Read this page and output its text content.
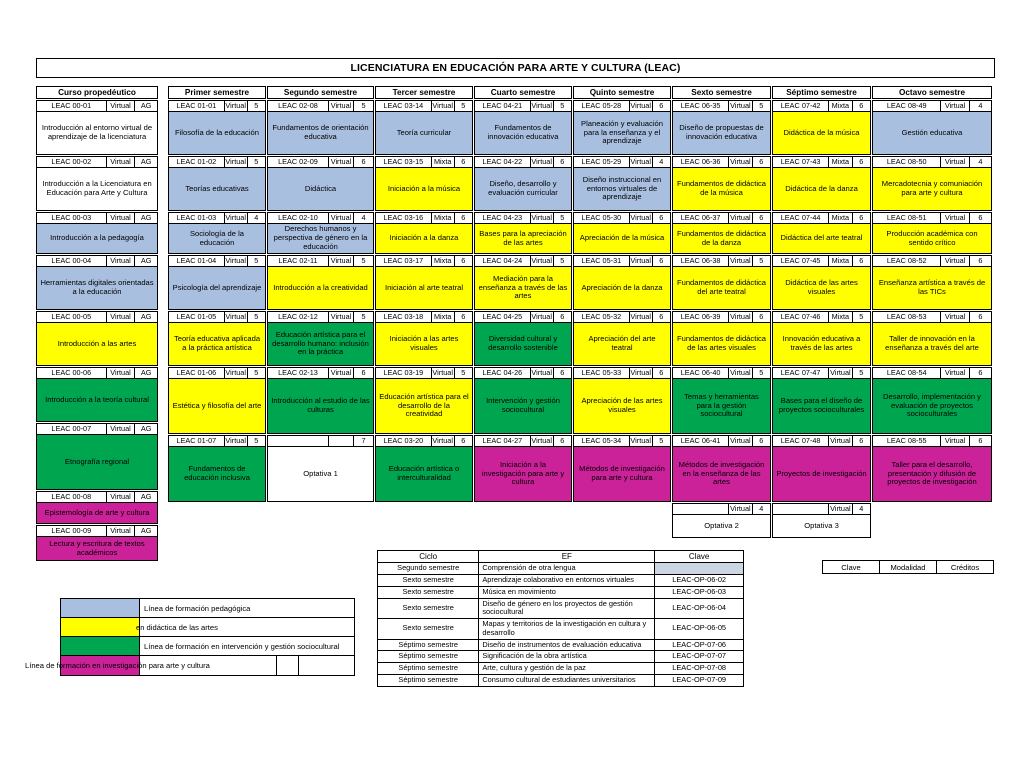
LICENCIATURA EN EDUCACIÓN PARA ARTE Y CULTURA (LEAC)
Curso propedéutico
LEAC 00-01	Virtual	AG
Introducción al entorno virtual de aprendizaje de la licenciatura
LEAC 00-02	Virtual	AG
Introducción a la Licenciatura en Educación para Arte y Cultura
LEAC 00-03	Virtual	AG
Introducción a la pedagogía
LEAC 00-04	Virtual	AG
Herramientas digitales orientadas a la educación
LEAC 00-05	Virtual	AG
Introducción a las artes
LEAC 00-06	Virtual	AG
Introducción a la teoría cultural
LEAC 00-07	Virtual	AG
Etnografía regional
LEAC 00-08	Virtual	AG
Epistemología de arte y cultura
LEAC 00-09	Virtual	AG
Lectura y escritura de textos académicos
Primer semestre
LEAC 01-01	Virtual	5
Filosofía de la educación
LEAC 01-02	Virtual	5
Teorías educativas
LEAC 01-03	Virtual	4
Sociología de la educación
LEAC 01-04	Virtual	5
Psicología del aprendizaje
LEAC 01-05	Virtual	5
Teoría educativa aplicada a la práctica artística
LEAC 01-06	Virtual	5
Estética y filosofía del arte
LEAC 01-07	Virtual	5
Fundamentos de educación inclusiva
Segundo semestre
LEAC 02-08	Virtual	5
Fundamentos de orientación educativa
LEAC 02-09	Virtual	6
Didáctica
LEAC 02-10	Virtual	4
Derechos humanos y perspectiva de género en la educación
LEAC 02-11	Virtual	5
Introducción a la creatividad
LEAC 02-12	Virtual	5
Educación artística para el desarrollo humano: inclusión en la práctica
LEAC 02-13	Virtual	6
Introducción al estudio de las culturas
7
Optativa 1
Tercer semestre
LEAC 03-14	Virtual	5
Teoría curricular
LEAC 03-15	Mixta	6
Iniciación a la música
LEAC 03-16	Mixta	6
Iniciación a la danza
LEAC 03-17	Mixta	6
Iniciación al arte teatral
LEAC 03-18	Mixta	6
Iniciación a las artes visuales
LEAC 03-19	Virtual	5
Educación artística para el desarrollo de la creatividad
LEAC 03-20	Virtual	6
Educación artística o interculturalidad
Cuarto semestre
LEAC 04-21	Virtual	5
Fundamentos de innovación educativa
LEAC 04-22	Virtual	6
Diseño, desarrollo y evaluación curricular
LEAC 04-23	Virtual	5
Bases para la apreciación de las artes
LEAC 04-24	Virtual	5
Mediación para la enseñanza a través de las artes
LEAC 04-25	Virtual	6
Diversidad cultural y desarrollo sostenible
LEAC 04-26	Virtual	6
Intervención y gestión sociocultural
LEAC 04-27	Virtual	6
Iniciación a la investigación para arte y cultura
Quinto semestre
LEAC 05-28	Virtual	6
Planeación y evaluación para la enseñanza y el aprendizaje
LEAC 05-29	Virtual	4
Diseño instruccional en entornos virtuales de aprendizaje
LEAC 05-30	Virtual	6
Apreciación de la música
LEAC 05-31	Virtual	6
Apreciación de la danza
LEAC 05-32	Virtual	6
Apreciación del arte teatral
LEAC 05-33	Virtual	6
Apreciación de las artes visuales
LEAC 05-34	Virtual	5
Métodos de investigación para arte y cultura
Sexto semestre
LEAC 06-35	Virtual	5
Diseño de propuestas de innovación educativa
LEAC 06-36	Virtual	6
Fundamentos de didáctica de la música
LEAC 06-37	Virtual	6
Fundamentos de didáctica de la danza
LEAC 06-38	Virtual	5
Fundamentos de didáctica del arte teatral
LEAC 06-39	Virtual	6
Fundamentos de didáctica de las artes visuales
LEAC 06-40	Virtual	5
Temas y herramientas para la gestión sociocultural
LEAC 06-41	Virtual	6
Métodos de investigación en la enseñanza de las artes
Virtual	4
Optativa 2
Séptimo semestre
LEAC 07-42	Mixta	6
Didáctica de la música
LEAC 07-43	Mixta	6
Didáctica de la danza
LEAC 07-44	Mixta	6
Didáctica del arte teatral
LEAC 07-45	Mixta	6
Didáctica de las artes visuales
LEAC 07-46	Mixta	5
Innovación educativa a través de las artes
LEAC 07-47	Virtual	5
Bases para el diseño de proyectos socioculturales
LEAC 07-48	Virtual	6
Proyectos de investigación
Virtual	4
Optativa 3
Octavo semestre
LEAC 08-49	Virtual	4
Gestión educativa
LEAC 08-50	Virtual	4
Mercadotecnia y comuniación para arte y cultura
LEAC 08-51	Virtual	6
Producción académica con sentido crítico
LEAC 08-52	Virtual	6
Enseñanza artística a través de las TICs
LEAC 08-53	Virtual	6
Taller de innovación en la enseñanza a través del arte
LEAC 08-54	Virtual	6
Desarrollo, implementación y evaluación de proyectos socioculturales
LEAC 08-55	Virtual	6
Taller para el desarrollo, presentación y difusión de proyectos de investigación
Ciclo	EF	Clave
Segundo semestre	Comprensión de otra lengua	
Sexto semestre	Aprendizaje colaborativo en entornos virtuales	LEAC-OP-06-02
Sexto semestre	Música en movimiento	LEAC-OP-06-03
Sexto semestre	Diseño de género en los proyectos de gestión sociocultural	LEAC-OP-06-04
Sexto semestre	Mapas y territorios de la investigación en cultura y desarrollo	LEAC-OP-06-05
Séptimo semestre	Diseño de instrumentos de evaluación educativa	LEAC-OP-07-06
Séptimo semestre	Significación de la obra artística	LEAC-OP-07-07
Séptimo semestre	Arte, cultura y gestión de la paz	LEAC-OP-07-08
Séptimo semestre	Consumo cultural de estudiantes universitarios	LEAC-OP-07-09
Clave	Modalidad	Créditos
Línea de formación pedagógica
en didáctica de las artes
Línea de formación en intervención y gestión sociocultural
Línea de formación en investigación para arte y cultura
